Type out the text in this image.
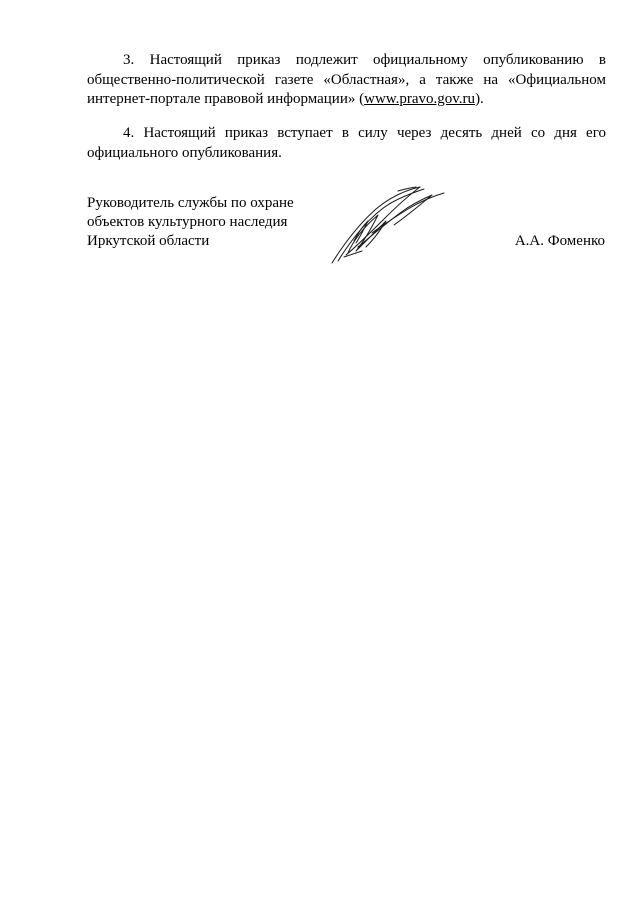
3. Настоящий приказ подлежит официальному опубликованию в общественно-политической газете «Областная», а также на «Официальном интернет-портале правовой информации» (www.pravo.gov.ru).

4. Настоящий приказ вступает в силу через десять дней со дня его официального опубликования.

Руководитель службы по охране
объектов культурного наследия
Иркутской области	А.А. Фоменко
